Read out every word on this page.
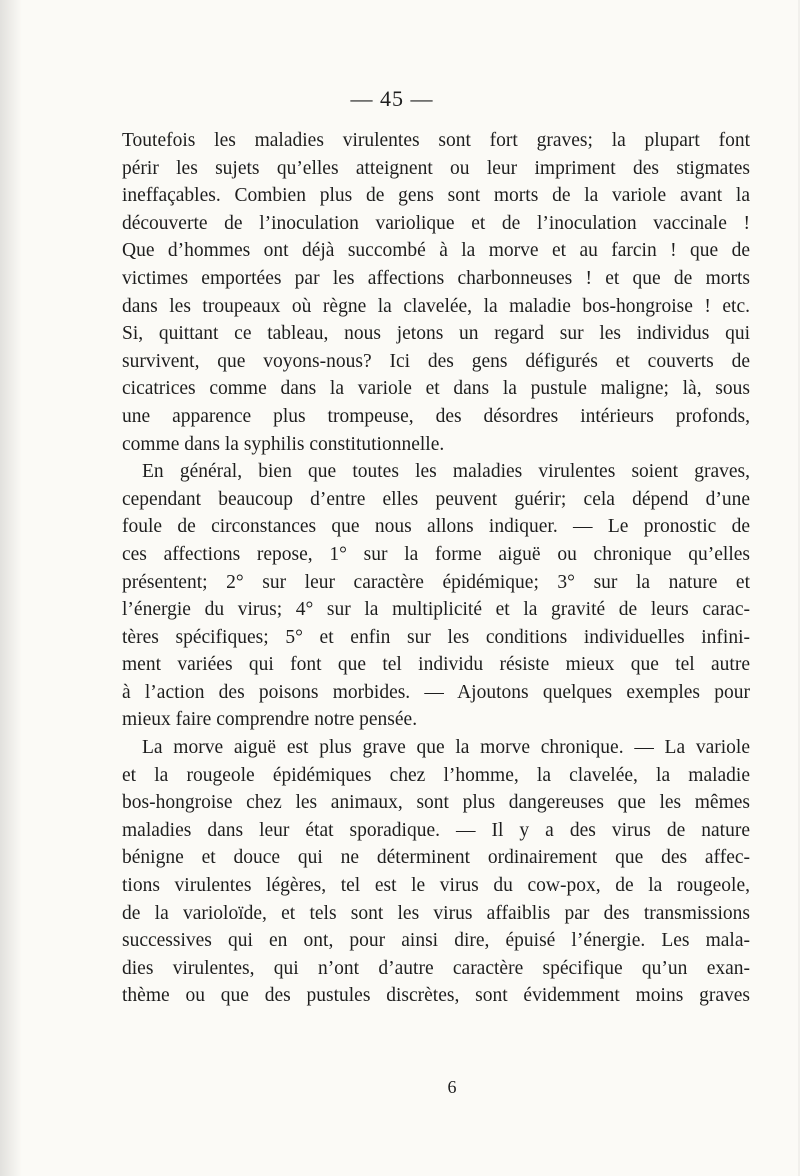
— 45 —
Toutefois les maladies virulentes sont fort graves; la plupart font
périr les sujets qu’elles atteignent ou leur impriment des stigmates
ineffaçables. Combien plus de gens sont morts de la variole avant la
découverte de l’inoculation variolique et de l’inoculation vaccinale !
Que d’hommes ont déjà succombé à la morve et au farcin ! que de
victimes emportées par les affections charbonneuses ! et que de morts
dans les troupeaux où règne la clavelée, la maladie bos-hongroise ! etc.
Si, quittant ce tableau, nous jetons un regard sur les individus qui
survivent, que voyons-nous? Ici des gens défigurés et couverts de
cicatrices comme dans la variole et dans la pustule maligne; là, sous
une apparence plus trompeuse, des désordres intérieurs profonds,
comme dans la syphilis constitutionnelle.
En général, bien que toutes les maladies virulentes soient graves,
cependant beaucoup d’entre elles peuvent guérir; cela dépend d’une
foule de circonstances que nous allons indiquer. — Le pronostic de
ces affections repose, 1° sur la forme aiguë ou chronique qu’elles
présentent; 2° sur leur caractère épidémique; 3° sur la nature et
l’énergie du virus; 4° sur la multiplicité et la gravité de leurs carac-
tères spécifiques; 5° et enfin sur les conditions individuelles infini-
ment variées qui font que tel individu résiste mieux que tel autre
à l’action des poisons morbides. — Ajoutons quelques exemples pour
mieux faire comprendre notre pensée.
La morve aiguë est plus grave que la morve chronique. — La variole
et la rougeole épidémiques chez l’homme, la clavelée, la maladie
bos-hongroise chez les animaux, sont plus dangereuses que les mêmes
maladies dans leur état sporadique. — Il y a des virus de nature
bénigne et douce qui ne déterminent ordinairement que des affec-
tions virulentes légères, tel est le virus du cow-pox, de la rougeole,
de la varioloïde, et tels sont les virus affaiblis par des transmissions
successives qui en ont, pour ainsi dire, épuisé l’énergie. Les mala-
dies virulentes, qui n’ont d’autre caractère spécifique qu’un exan-
thème ou que des pustules discrètes, sont évidemment moins graves
6
